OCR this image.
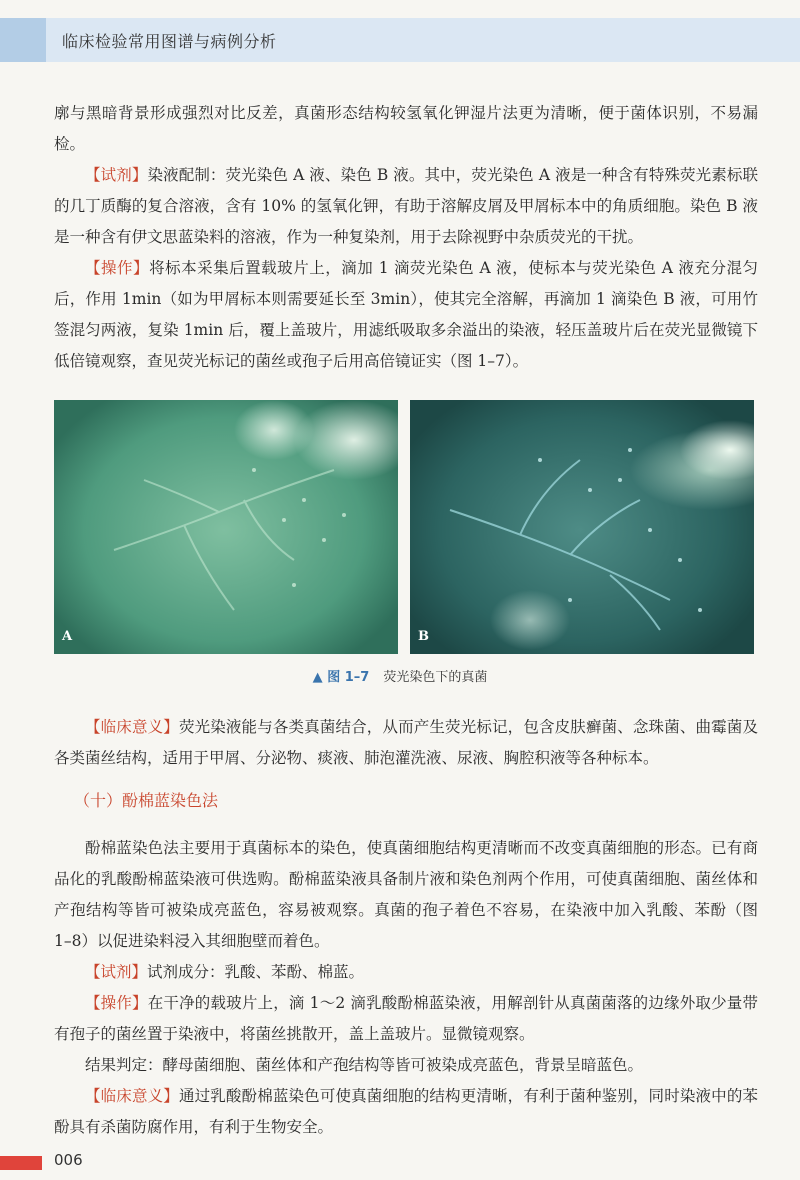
临床检验常用图谱与病例分析

廓与黑暗背景形成强烈对比反差，真菌形态结构较氢氧化钾湿片法更为清晰，便于菌体识别，不易漏检。

【试剂】染液配制：荧光染色 A 液、染色 B 液。其中，荧光染色 A 液是一种含有特殊荧光素标联的几丁质酶的复合溶液，含有 10% 的氢氧化钾，有助于溶解皮屑及甲屑标本中的角质细胞。染色 B 液是一种含有伊文思蓝染料的溶液，作为一种复染剂，用于去除视野中杂质荧光的干扰。

【操作】将标本采集后置载玻片上，滴加 1 滴荧光染色 A 液，使标本与荧光染色 A 液充分混匀后，作用 1min（如为甲屑标本则需要延长至 3min），使其完全溶解，再滴加 1 滴染色 B 液，可用竹签混匀两液，复染 1min 后，覆上盖玻片，用滤纸吸取多余溢出的染液，轻压盖玻片后在荧光显微镜下低倍镜观察，查见荧光标记的菌丝或孢子后用高倍镜证实（图 1–7）。

A	B
▲ 图 1–7 荧光染色下的真菌

【临床意义】荧光染液能与各类真菌结合，从而产生荧光标记，包含皮肤癣菌、念珠菌、曲霉菌及各类菌丝结构，适用于甲屑、分泌物、痰液、肺泡灌洗液、尿液、胸腔积液等各种标本。

（十）酚棉蓝染色法

酚棉蓝染色法主要用于真菌标本的染色，使真菌细胞结构更清晰而不改变真菌细胞的形态。已有商品化的乳酸酚棉蓝染液可供选购。酚棉蓝染液具备制片液和染色剂两个作用，可使真菌细胞、菌丝体和产孢结构等皆可被染成亮蓝色，容易被观察。真菌的孢子着色不容易，在染液中加入乳酸、苯酚（图 1–8）以促进染料浸入其细胞壁而着色。

【试剂】试剂成分：乳酸、苯酚、棉蓝。

【操作】在干净的载玻片上，滴 1～2 滴乳酸酚棉蓝染液，用解剖针从真菌菌落的边缘外取少量带有孢子的菌丝置于染液中，将菌丝挑散开，盖上盖玻片。显微镜观察。

结果判定：酵母菌细胞、菌丝体和产孢结构等皆可被染成亮蓝色，背景呈暗蓝色。

【临床意义】通过乳酸酚棉蓝染色可使真菌细胞的结构更清晰，有利于菌种鉴别，同时染液中的苯酚具有杀菌防腐作用，有利于生物安全。

006
